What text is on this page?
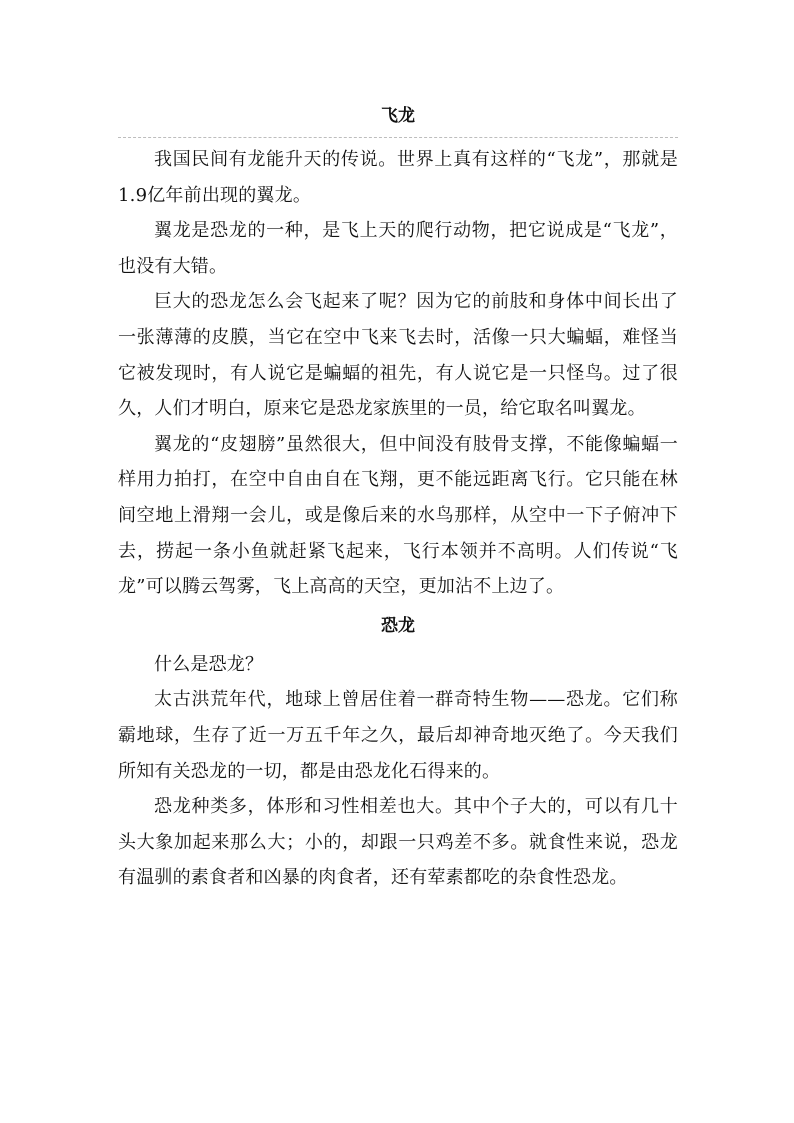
飞龙

我国民间有龙能升天的传说。世界上真有这样的“飞龙”，那就是1.9亿年前出现的翼龙。

翼龙是恐龙的一种，是飞上天的爬行动物，把它说成是“飞龙”，也没有大错。

巨大的恐龙怎么会飞起来了呢？因为它的前肢和身体中间长出了一张薄薄的皮膜，当它在空中飞来飞去时，活像一只大蝙蝠，难怪当它被发现时，有人说它是蝙蝠的祖先，有人说它是一只怪鸟。过了很久，人们才明白，原来它是恐龙家族里的一员，给它取名叫翼龙。

翼龙的“皮翅膀”虽然很大，但中间没有肢骨支撑，不能像蝙蝠一样用力拍打，在空中自由自在飞翔，更不能远距离飞行。它只能在林间空地上滑翔一会儿，或是像后来的水鸟那样，从空中一下子俯冲下去，捞起一条小鱼就赶紧飞起来，飞行本领并不高明。人们传说“飞龙”可以腾云驾雾，飞上高高的天空，更加沾不上边了。

恐龙

什么是恐龙？

太古洪荒年代，地球上曾居住着一群奇特生物——恐龙。它们称霸地球，生存了近一万五千年之久，最后却神奇地灭绝了。今天我们所知有关恐龙的一切，都是由恐龙化石得来的。

恐龙种类多，体形和习性相差也大。其中个子大的，可以有几十头大象加起来那么大；小的，却跟一只鸡差不多。就食性来说，恐龙有温驯的素食者和凶暴的肉食者，还有荤素都吃的杂食性恐龙。
